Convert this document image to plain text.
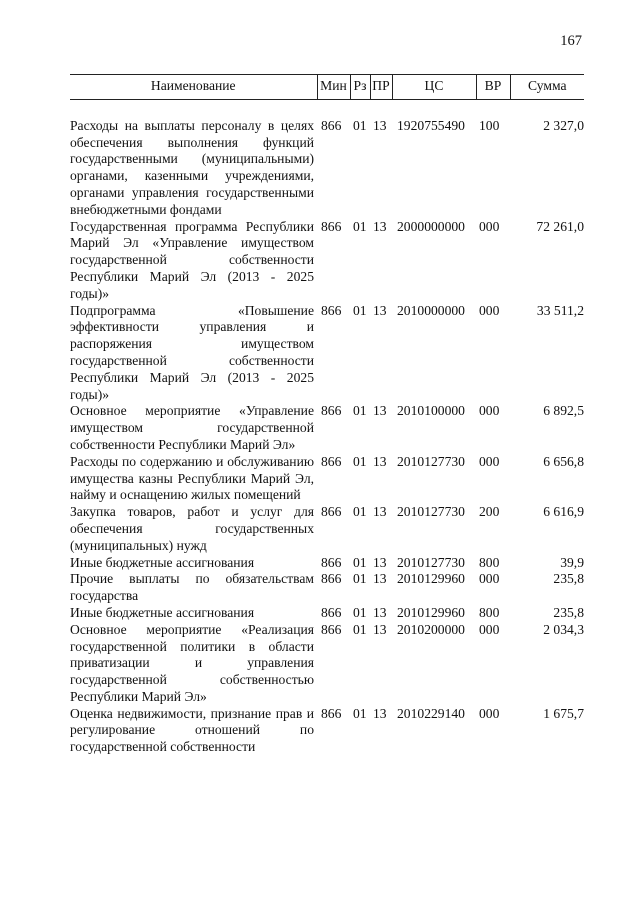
167
Наименование	Мин	Рз	ПР	ЦС	ВР	Сумма
Расходы на выплаты персоналу в целях обеспечения выполнения функций государственными (муниципальными) органами, казенными учреждениями, органами управления государственными внебюджетными фондами	866	01	13	1920755490	100	2 327,0
Государственная программа Республики Марий Эл «Управление имуществом государственной собственности Республики Марий Эл (2013 - 2025 годы)»	866	01	13	2000000000	000	72 261,0
Подпрограмма «Повышение эффективности управления и распоряжения имуществом государственной собственности Республики Марий Эл (2013 - 2025 годы)»	866	01	13	2010000000	000	33 511,2
Основное мероприятие «Управление имуществом государственной собственности Республики Марий Эл»	866	01	13	2010100000	000	6 892,5
Расходы по содержанию и обслуживанию имущества казны Республики Марий Эл, найму и оснащению жилых помещений	866	01	13	2010127730	000	6 656,8
Закупка товаров, работ и услуг для обеспечения государственных (муниципальных) нужд	866	01	13	2010127730	200	6 616,9
Иные бюджетные ассигнования	866	01	13	2010127730	800	39,9
Прочие выплаты по обязательствам государства	866	01	13	2010129960	000	235,8
Иные бюджетные ассигнования	866	01	13	2010129960	800	235,8
Основное мероприятие «Реализация государственной политики в области приватизации и управления государственной собственностью Республики Марий Эл»	866	01	13	2010200000	000	2 034,3
Оценка недвижимости, признание прав и регулирование отношений по государственной собственности	866	01	13	2010229140	000	1 675,7
